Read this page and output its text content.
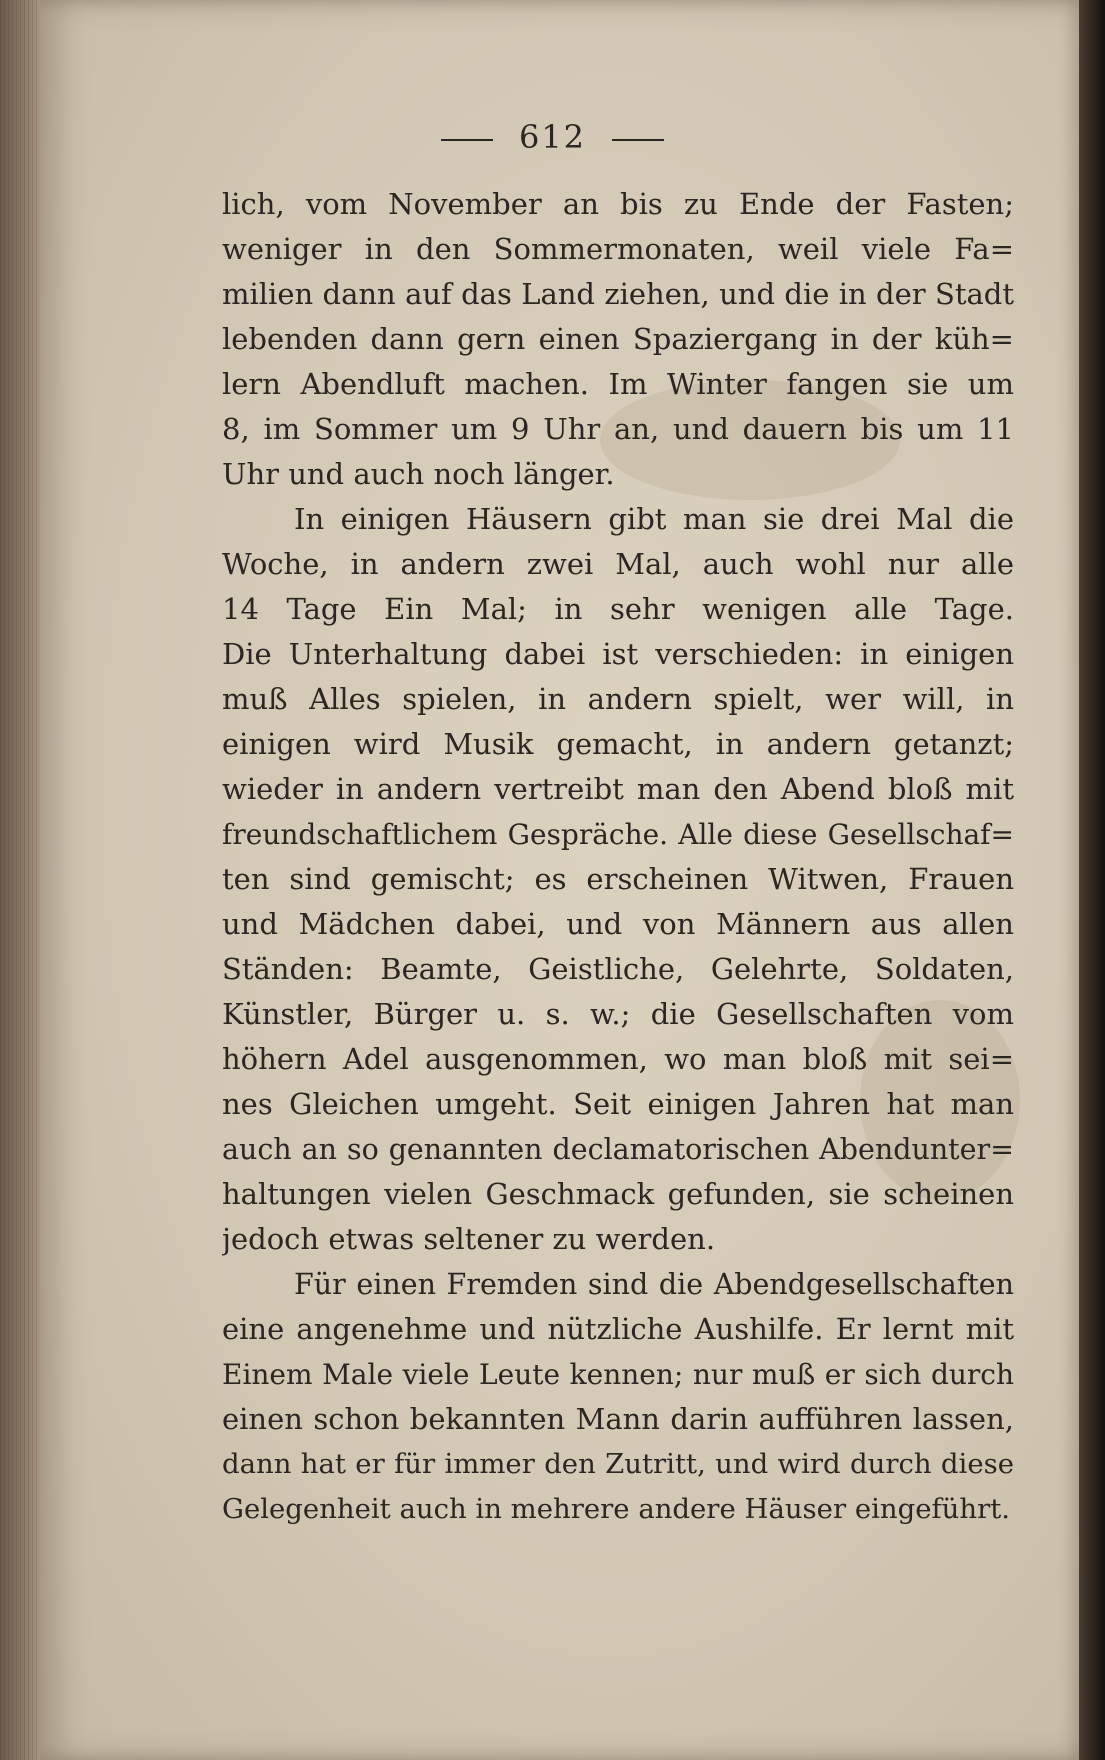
612
lich, vom November an bis zu Ende der Fasten;
weniger in den Sommermonaten, weil viele Fa=
milien dann auf das Land ziehen, und die in der Stadt
lebenden dann gern einen Spaziergang in der küh=
lern Abendluft machen. Im Winter fangen sie um
8, im Sommer um 9 Uhr an, und dauern bis um 11
Uhr und auch noch länger.
In einigen Häusern gibt man sie drei Mal die
Woche, in andern zwei Mal, auch wohl nur alle
14 Tage Ein Mal; in sehr wenigen alle Tage.
Die Unterhaltung dabei ist verschieden: in einigen
muß Alles spielen, in andern spielt, wer will, in
einigen wird Musik gemacht, in andern getanzt;
wieder in andern vertreibt man den Abend bloß mit
freundschaftlichem Gespräche. Alle diese Gesellschaf=
ten sind gemischt; es erscheinen Witwen, Frauen
und Mädchen dabei, und von Männern aus allen
Ständen: Beamte, Geistliche, Gelehrte, Soldaten,
Künstler, Bürger u. s. w.; die Gesellschaften vom
höhern Adel ausgenommen, wo man bloß mit sei=
nes Gleichen umgeht. Seit einigen Jahren hat man
auch an so genannten declamatorischen Abendunter=
haltungen vielen Geschmack gefunden, sie scheinen
jedoch etwas seltener zu werden.
Für einen Fremden sind die Abendgesellschaften
eine angenehme und nützliche Aushilfe. Er lernt mit
Einem Male viele Leute kennen; nur muß er sich durch
einen schon bekannten Mann darin aufführen lassen,
dann hat er für immer den Zutritt, und wird durch diese
Gelegenheit auch in mehrere andere Häuser eingeführt.
